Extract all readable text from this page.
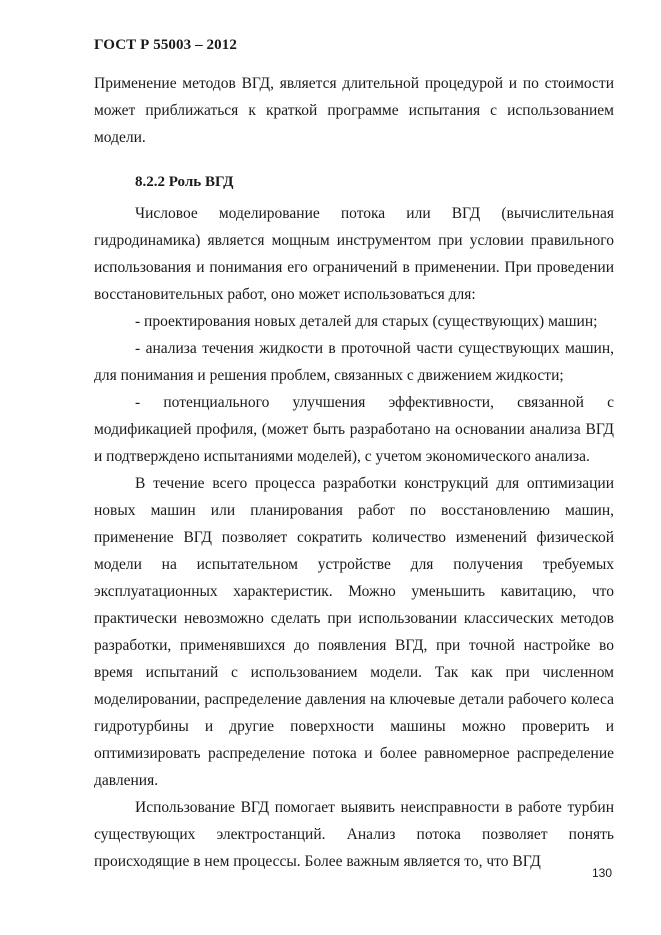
ГОСТ Р 55003 – 2012

Применение методов ВГД, является длительной процедурой и по стоимости может приближаться к краткой программе испытания с использованием модели.

8.2.2 Роль ВГД

Числовое моделирование потока или ВГД (вычислительная гидродинамика) является мощным инструментом при условии правильного использования и понимания его ограничений в применении. При проведении восстановительных работ, оно может использоваться для:

- проектирования новых деталей для старых (существующих) машин;

- анализа течения жидкости в проточной части существующих машин, для понимания и решения проблем, связанных с движением жидкости;

- потенциального улучшения эффективности, связанной с модификацией профиля, (может быть разработано на основании анализа ВГД и подтверждено испытаниями моделей), с учетом экономического анализа.

В течение всего процесса разработки конструкций для оптимизации новых машин или планирования работ по восстановлению машин, применение ВГД позволяет сократить количество изменений физической модели на испытательном устройстве для получения требуемых эксплуатационных характеристик. Можно уменьшить кавитацию, что практически невозможно сделать при использовании классических методов разработки, применявшихся до появления ВГД, при точной настройке во время испытаний с использованием модели. Так как при численном моделировании, распределение давления на ключевые детали рабочего колеса гидротурбины и другие поверхности машины можно проверить и оптимизировать распределение потока и более равномерное распределение давления.

Использование ВГД помогает выявить неисправности в работе турбин существующих электростанций. Анализ потока позволяет понять происходящие в нем процессы. Более важным является то, что ВГД

130
